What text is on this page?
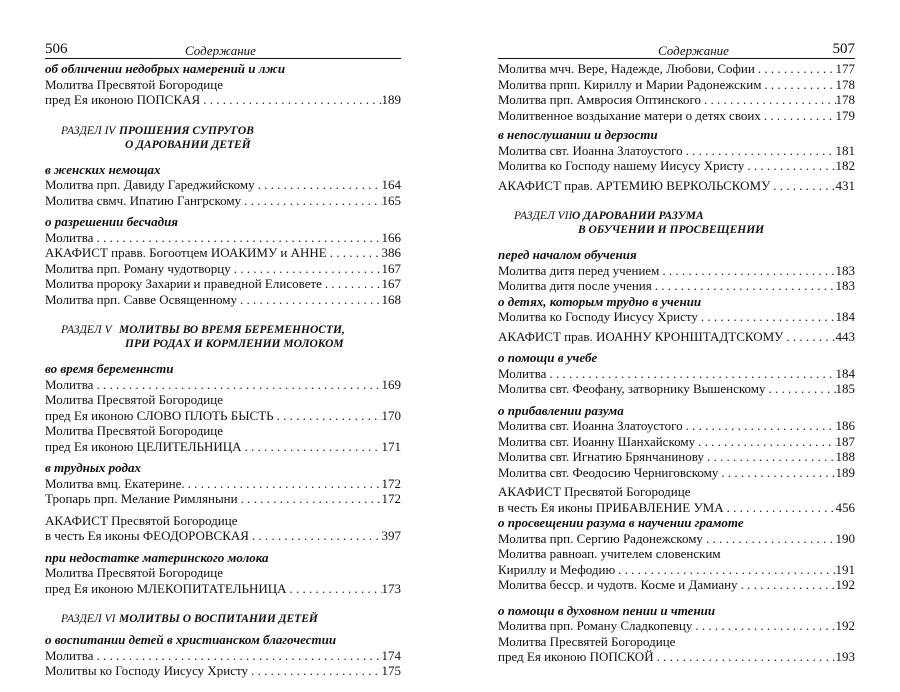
506	Содержание
об обличении недобрых намерений и лжи
Молитва Пресвятой Богородице
пред Ея иконою ПОПСКАЯ . . .	189
РАЗДЕЛ IV ПРОШЕНИЯ СУПРУГОВ
О ДАРОВАНИИ ДЕТЕЙ
в женских немощах
Молитва прп. Давиду Гареджийскому . . .	164
Молитва свмч. Ипатию Гангрскому . . .	165
о разрешении бесчадия
Молитва . . .	166
АКАФИСТ правв. Богоотцем ИОАКИМУ и АННЕ . . .	386
Молитва прп. Роману чудотворцу . . .	167
Молитва пророку Захарии и праведной Елисовете . . .	167
Молитва прп. Савве Освященному . . .	168
РАЗДЕЛ V МОЛИТВЫ ВО ВРЕМЯ БЕРЕМЕННОСТИ,
ПРИ РОДАХ И КОРМЛЕНИИ МОЛОКОМ
во время беременнсти
Молитва . . .	169
Молитва Пресвятой Богородице
пред Ея иконою СЛОВО ПЛОТЬ БЫСТЬ . . .	170
Молитва Пресвятой Богородице
пред Ея иконою ЦЕЛИТЕЛЬНИЦА . . .	171
в трудных родах
Молитва вмц. Екатерине. . . .	172
Тропарь прп. Мелание Римляныни . . .	172
АКАФИСТ Пресвятой Богородице
в честь Ея иконы ФЕОДОРОВСКАЯ . . .	397
при недостатке материнского молока
Молитва Пресвятой Богородице
пред Ея иконою МЛЕКОПИТАТЕЛЬНИЦА . . .	173
РАЗДЕЛ VI МОЛИТВЫ О ВОСПИТАНИИ ДЕТЕЙ
о воспитании детей в христианском благочестии
Молитва . . .	174
Молитвы ко Господу Иисусу Христу . . .	175
Содержание	507
Молитва мчч. Вере, Надежде, Любови, Софии . . .	177
Молитва прпп. Кириллу и Марии Радонежским . . .	178
Молитва прп. Амвросия Оптинского . . .	178
Молитвенное воздыхание матери о детях своих . . .	179
в непослушании и дерзости
Молитва свт. Иоанна Златоустого . . .	181
Молитва ко Господу нашему Иисусу Христу . . .	182
АКАФИСТ прав. АРТЕМИЮ ВЕРКОЛЬСКОМУ . . .	431
РАЗДЕЛ VII О ДАРОВАНИИ РАЗУМА
В ОБУЧЕНИИ И ПРОСВЕЩЕНИИ
перед началом обучения
Молитва дитя перед учением . . .	183
Молитва дитя после учения . . .	183
о детях, которым трудно в учении
Молитва ко Господу Иисусу Христу . . .	184
АКАФИСТ прав. ИОАННУ КРОНШТАДТСКОМУ . . .	443
о помощи в учебе
Молитва . . .	184
Молитва свт. Феофану, затворнику Вышенскому . . .	185
о прибавлении разума
Молитва свт. Иоанна Златоустого . . .	186
Молитва свт. Иоанну Шанхайскому . . .	187
Молитва свт. Игнатию Брянчанинову . . .	188
Молитва свт. Феодосию Черниговскому . . .	189
АКАФИСТ Пресвятой Богородице
в честь Ея иконы ПРИБАВЛЕНИЕ УМА . . .	456
о просвещении разума в научении грамоте
Молитва прп. Сергию Радонежскому . . .	190
Молитва равноап. учителем словенским
Кириллу и Мефодию . . .	191
Молитва бесср. и чудотв. Косме и Дамиану . . .	192
о помощи в духовном пении и чтении
Молитва прп. Роману Сладкопевцу . . .	192
Молитва Пресвятей Богородице
пред Ея иконою ПОПСКОЙ . . .	193
